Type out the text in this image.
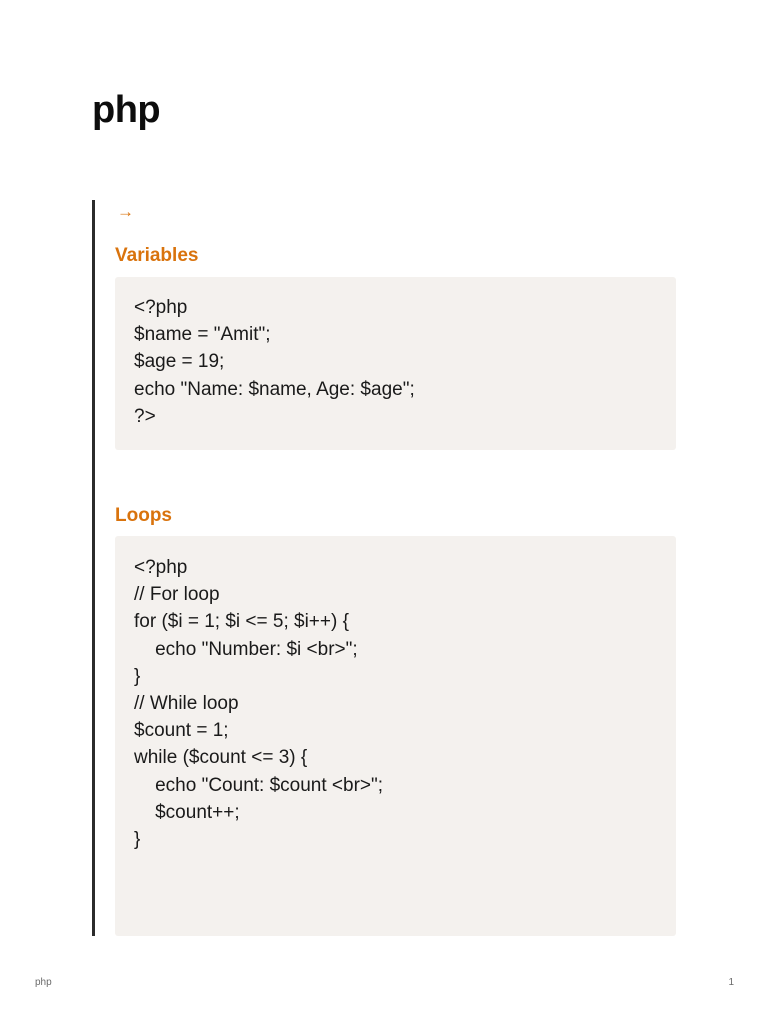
php
→
Variables
<?php
$name = "Amit";
$age = 19;
echo "Name: $name, Age: $age";
?>
Loops
<?php
// For loop
for ($i = 1; $i <= 5; $i++) {
echo "Number: $i <br>";
}
// While loop
$count = 1;
while ($count <= 3) {
echo "Count: $count <br>";
$count++;
}
php	1
